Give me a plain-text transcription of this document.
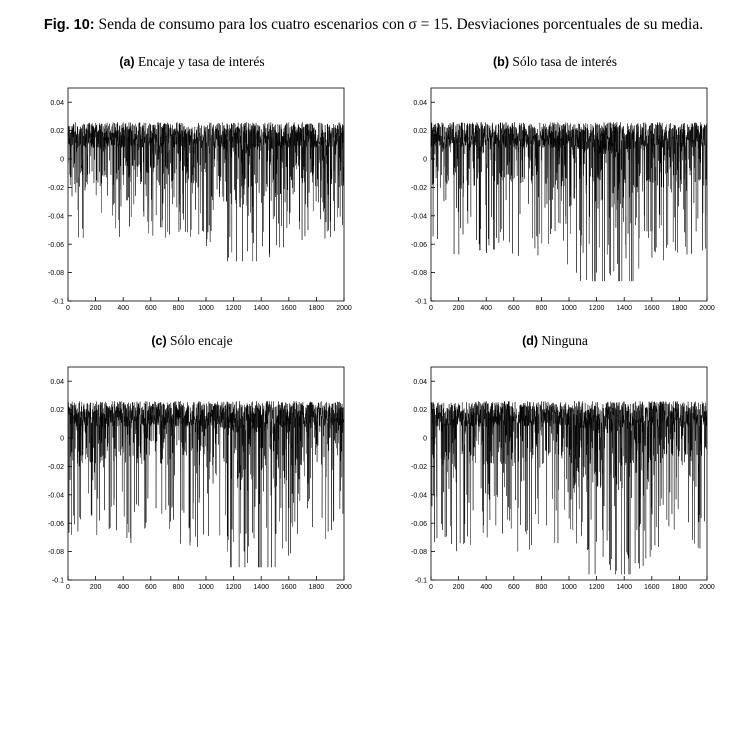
Fig. 10: Senda de consumo para los cuatro escenarios con σ = 15. Desviaciones porcentuales de su media.
(a) Encaje y tasa de interés
-0.1
-0.08
-0.06
-0.04
-0.02
0
0.02
0.04
0	200 400 600 800 1000 1200 1400 1600 1800 2000
(b) Sólo tasa de interés
-0.1
-0.08
-0.06
-0.04
-0.02
0
0.02
0.04
0	200 400 600 800 1000 1200 1400 1600 1800 2000
(c) Sólo encaje
-0.1
-0.08
-0.06
-0.04
-0.02
0
0.02
0.04
0	200 400 600 800 1000 1200 1400 1600 1800 2000
(d) Ninguna
-0.1
-0.08
-0.06
-0.04
-0.02
0
0.02
0.04
0	200 400 600 800 1000 1200 1400 1600 1800 2000
